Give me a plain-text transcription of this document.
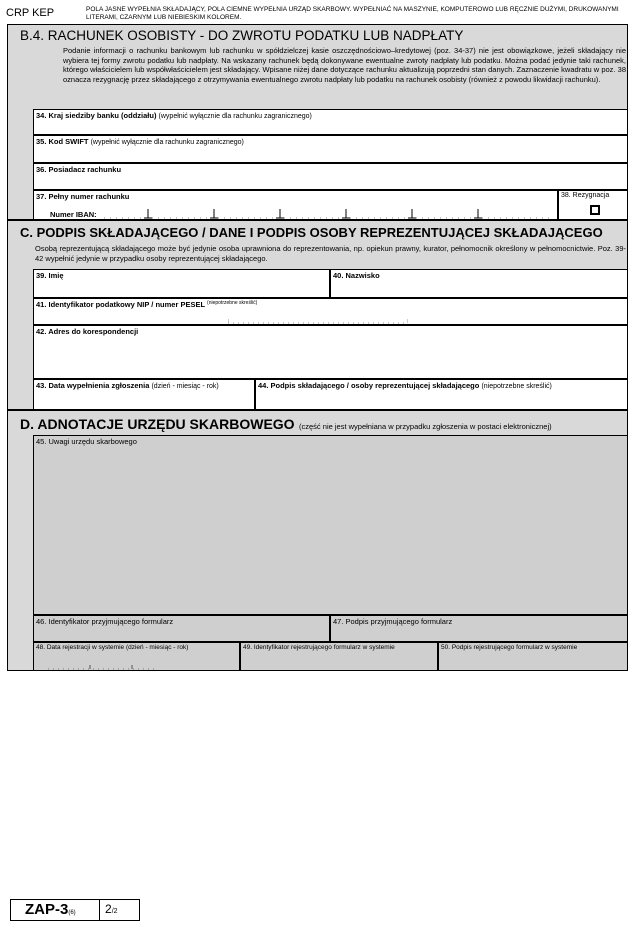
CRP KEP	POLA JASNE WYPEŁNIA SKŁADAJĄCY, POLA CIEMNE WYPEŁNIA URZĄD SKARBOWY. WYPEŁNIAĆ NA MASZYNIE, KOMPUTEROWO LUB RĘCZNIE DUŻYMI, DRUKOWANYMI LITERAMI, CZARNYM LUB NIEBIESKIM KOLOREM.
B.4. RACHUNEK OSOBISTY - DO ZWROTU PODATKU LUB NADPŁATY
Podanie informacji o rachunku bankowym lub rachunku w spółdzielczej kasie oszczędnościowo–kredytowej (poz. 34-37) nie jest obowiązkowe, jeżeli składający nie wybiera tej formy zwrotu podatku lub nadpłaty. Na wskazany rachunek będą dokonywane ewentualne zwroty nadpłaty lub podatku. Można podać jedynie taki rachunek, którego właścicielem lub współwłaścicielem jest składający. Wpisane niżej dane dotyczące rachunku aktualizują poprzedni stan danych. Zaznaczenie kwadratu w poz. 38 oznacza rezygnację przez składającego z otrzymywania ewentualnego zwrotu nadpłaty lub podatku na rachunek osobisty (również z powodu likwidacji rachunku).
34. Kraj siedziby banku (oddziału) (wypełnić wyłącznie dla rachunku zagranicznego)
35. Kod SWIFT (wypełnić wyłącznie dla rachunku zagranicznego)
36. Posiadacz rachunku
37. Pełny numer rachunku
Numer IBAN:
38. Rezygnacja
C. PODPIS SKŁADAJĄCEGO / DANE I PODPIS OSOBY REPREZENTUJĄCEJ SKŁADAJĄCEGO
Osobą reprezentującą składającego może być jedynie osoba uprawniona do reprezentowania, np. opiekun prawny, kurator, pełnomocnik określony w pełnomocnictwie. Poz. 39-42 wypełnić jedynie w przypadku osoby reprezentującej składającego.
39. Imię	40. Nazwisko
41. Identyfikator podatkowy NIP / numer PESEL $^{(niepotrzebne skreślić)}$
42. Adres do korespondencji
43. Data wypełnienia zgłoszenia (dzień - miesiąc - rok)	44. Podpis składającego / osoby reprezentującej składającego (niepotrzebne skreślić)
D. ADNOTACJE URZĘDU SKARBOWEGO (część nie jest wypełniana w przypadku zgłoszenia w postaci elektronicznej)
45. Uwagi urzędu skarbowego
46. Identyfikator przyjmującego formularz	47. Podpis przyjmującego formularz
48. Data rejestracji w systemie (dzień - miesiąc - rok)	49. Identyfikator rejestrującego formularz w systemie	50. Podpis rejestrującego formularz w systemie
ZAP-3(6) 2/2
